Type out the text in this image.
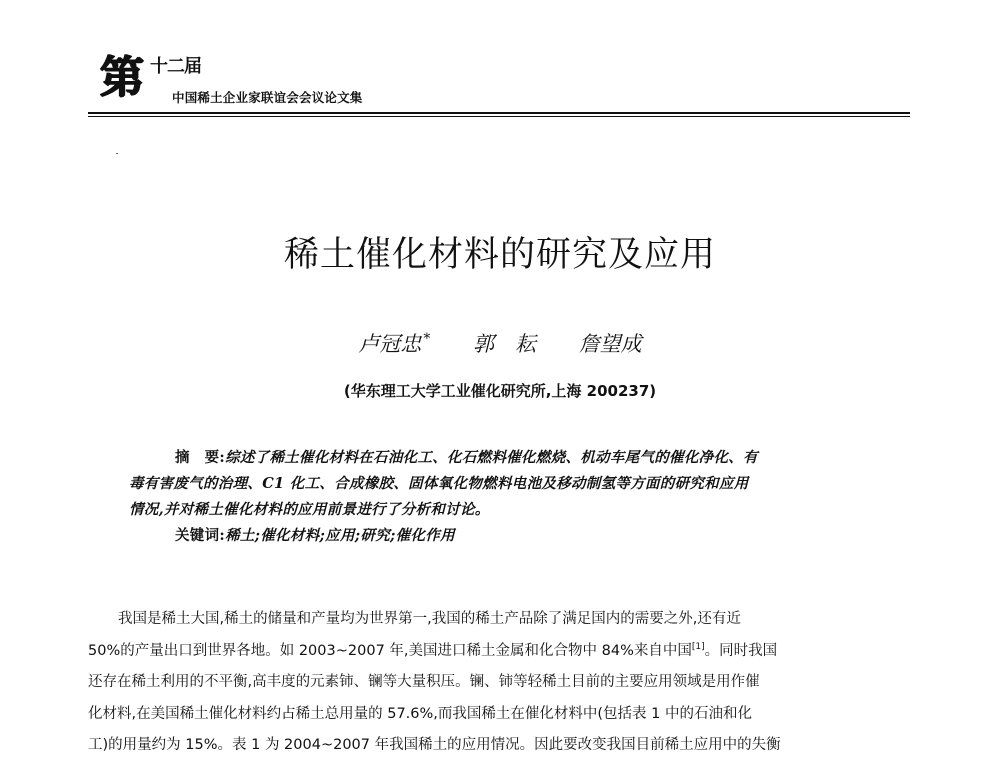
第 十二届
中国稀土企业家联谊会会议论文集
稀土催化材料的研究及应用
卢冠忠 * 郭　耘 詹望成
(华东理工大学工业催化研究所,上海 200237)
摘　要:综述了稀土催化材料在石油化工、化石燃料催化燃烧、机动车尾气的催化净化、有
毒有害废气的治理、C1 化工、合成橡胶、固体氧化物燃料电池及移动制氢等方面的研究和应用
情况,并对稀土催化材料的应用前景进行了分析和讨论。
关键词:稀土;催化材料;应用;研究;催化作用
我国是稀土大国,稀土的储量和产量均为世界第一,我国的稀土产品除了满足国内的需要之外,还有近
50%的产量出口到世界各地。如 2003~2007 年,美国进口稀土金属和化合物中 84%来自中国[1]。同时我国
还存在稀土利用的不平衡,高丰度的元素铈、镧等大量积压。镧、铈等轻稀土目前的主要应用领域是用作催
化材料,在美国稀土催化材料约占稀土总用量的 57.6%,而我国稀土在催化材料中(包括表 1 中的石油和化
工)的用量约为 15%。表 1 为 2004~2007 年我国稀土的应用情况。因此要改变我国目前稀土应用中的失衡
